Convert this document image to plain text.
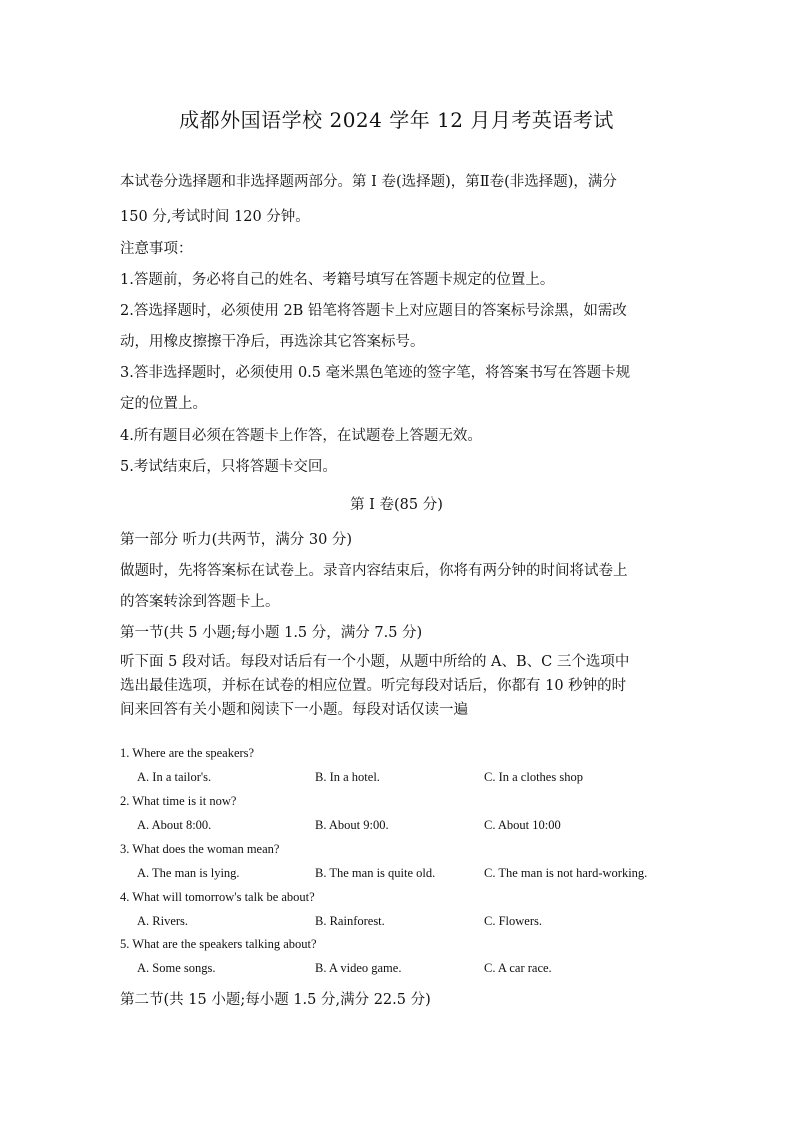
成都外国语学校 2024 学年 12 月月考英语考试
本试卷分选择题和非选择题两部分。第 I 卷(选择题)，第Ⅱ卷(非选择题)，满分
150 分,考试时间 120 分钟。
注意事项：
1.答题前，务必将自己的姓名、考籍号填写在答题卡规定的位置上。
2.答选择题时，必须使用 2B 铅笔将答题卡上对应题目的答案标号涂黑，如需改
动，用橡皮擦擦干净后，再选涂其它答案标号。
3.答非选择题时，必须使用 0.5 毫米黑色笔迹的签字笔，将答案书写在答题卡规
定的位置上。
4.所有题目必须在答题卡上作答，在试题卷上答题无效。
5.考试结束后，只将答题卡交回。
第 I 卷(85 分)
第一部分 听力(共两节，满分 30 分)
做题时，先将答案标在试卷上。录音内容结束后，你将有两分钟的时间将试卷上
的答案转涂到答题卡上。
第一节(共 5 小题;每小题 1.5 分，满分 7.5 分)
听下面 5 段对话。每段对话后有一个小题，从题中所给的 A、B、C 三个选项中
选出最佳选项，并标在试卷的相应位置。听完每段对话后，你都有 10 秒钟的时
间来回答有关小题和阅读下一小题。每段对话仅读一遍
1. Where are the speakers?
A. In a tailor's.	B. In a hotel.	C. In a clothes shop
2. What time is it now?
A. About 8:00.	B. About 9:00.	C. About 10:00
3. What does the woman mean?
A. The man is lying.	B. The man is quite old.	C. The man is not hard-working.
4. What will tomorrow's talk be about?
A. Rivers.	B. Rainforest.	C. Flowers.
5. What are the speakers talking about?
A. Some songs.	B. A video game.	C. A car race.
第二节(共 15 小题;每小题 1.5 分,满分 22.5 分)
